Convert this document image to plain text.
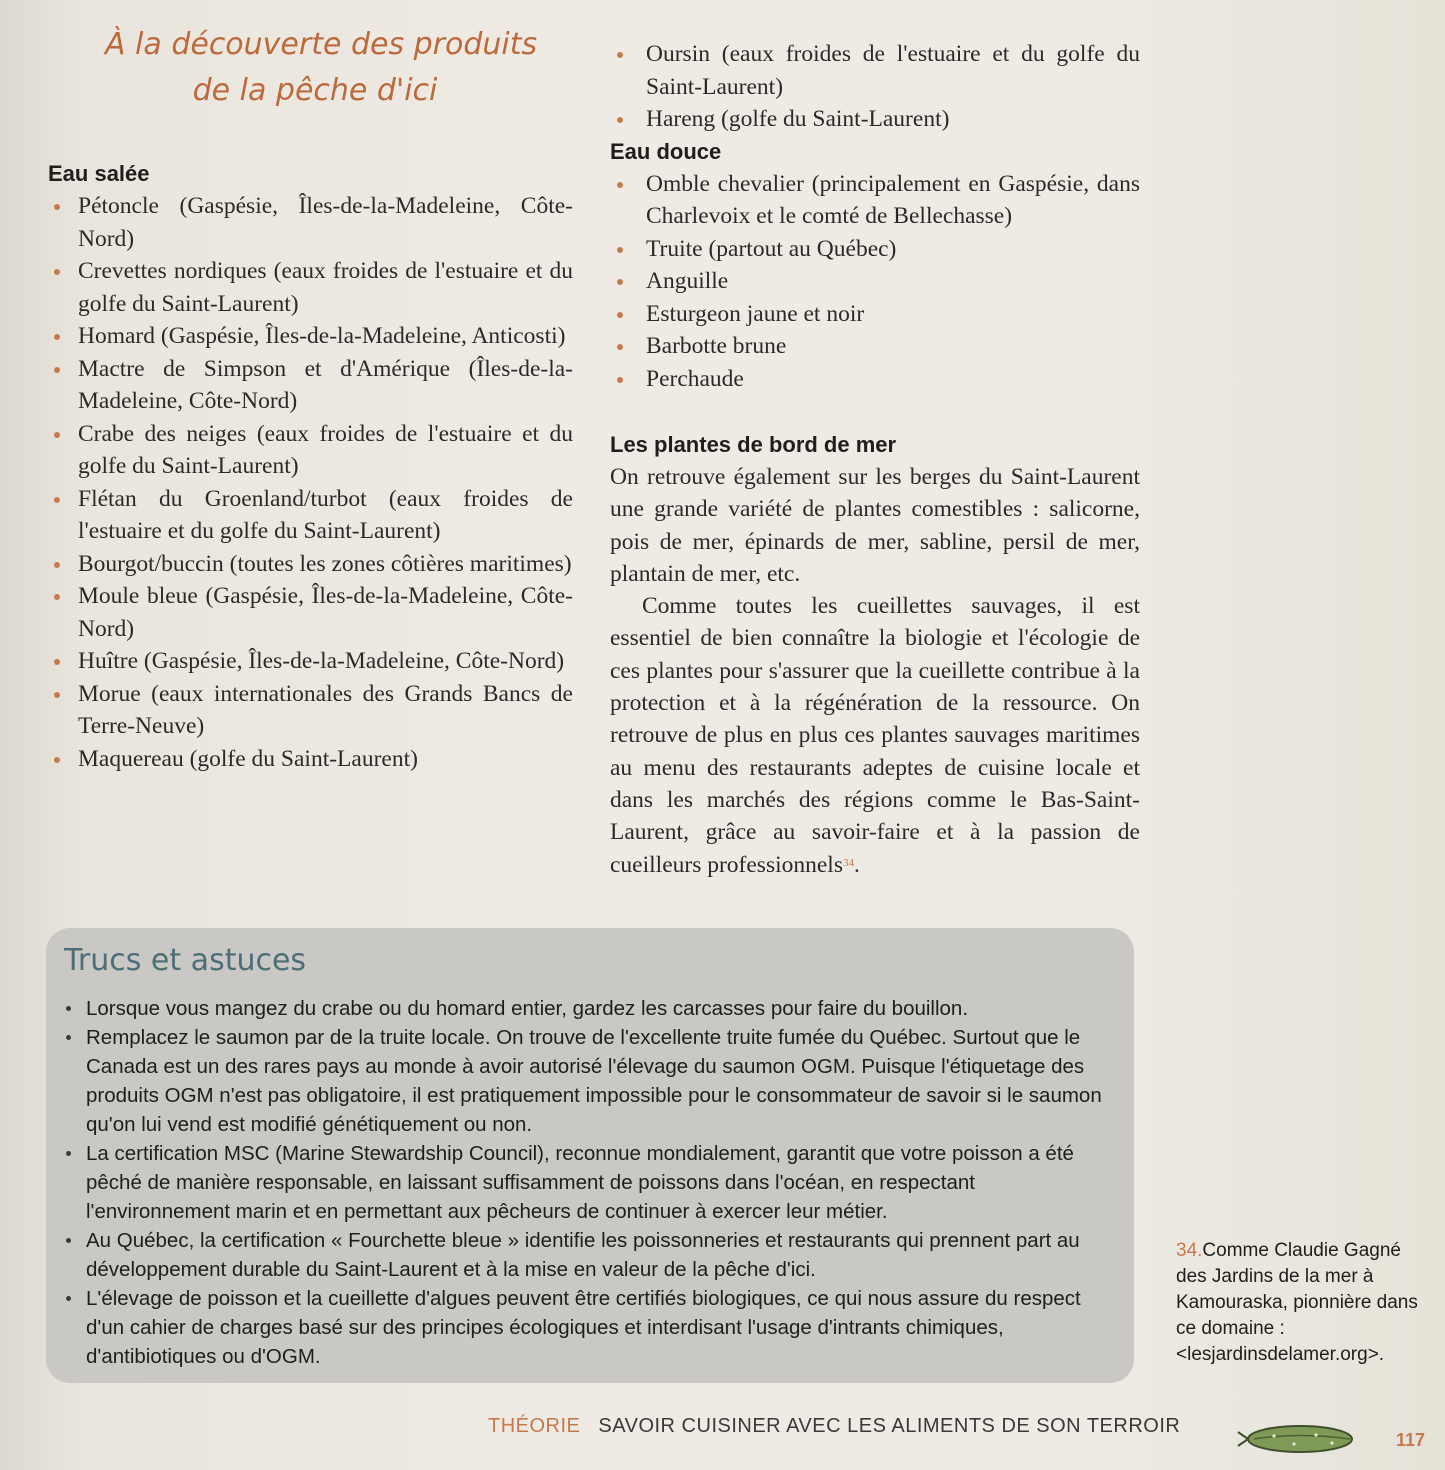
À la découverte des produits
de la pêche d'ici
Eau salée
Pétoncle (Gaspésie, Îles-de-la-Madeleine, Côte-Nord)
Crevettes nordiques (eaux froides de l'estuaire et du golfe du Saint-Laurent)
Homard (Gaspésie, Îles-de-la-Madeleine, Anticosti)
Mactre de Simpson et d'Amérique (Îles-de-la-Madeleine, Côte-Nord)
Crabe des neiges (eaux froides de l'estuaire et du golfe du Saint-Laurent)
Flétan du Groenland/turbot (eaux froides de l'estuaire et du golfe du Saint-Laurent)
Bourgot/buccin (toutes les zones côtières maritimes)
Moule bleue (Gaspésie, Îles-de-la-Madeleine, Côte-Nord)
Huître (Gaspésie, Îles-de-la-Madeleine, Côte-Nord)
Morue (eaux internationales des Grands Bancs de Terre-Neuve)
Maquereau (golfe du Saint-Laurent)
Oursin (eaux froides de l'estuaire et du golfe du Saint-Laurent)
Hareng (golfe du Saint-Laurent)
Eau douce
Omble chevalier (principalement en Gaspésie, dans Charlevoix et le comté de Bellechasse)
Truite (partout au Québec)
Anguille
Esturgeon jaune et noir
Barbotte brune
Perchaude
Les plantes de bord de mer

On retrouve également sur les berges du Saint-Laurent une grande variété de plantes comestibles : salicorne, pois de mer, épinards de mer, sabline, persil de mer, plantain de mer, etc.

Comme toutes les cueillettes sauvages, il est essentiel de bien connaître la biologie et l'écologie de ces plantes pour s'assurer que la cueillette contribue à la protection et à la régénération de la ressource. On retrouve de plus en plus ces plantes sauvages maritimes au menu des restaurants adeptes de cuisine locale et dans les marchés des régions comme le Bas-Saint-Laurent, grâce au savoir-faire et à la passion de cueilleurs professionnels$^{34}$.

Trucs et astuces
Lorsque vous mangez du crabe ou du homard entier, gardez les carcasses pour faire du bouillon.
Remplacez le saumon par de la truite locale. On trouve de l'excellente truite fumée du Québec. Surtout que le Canada est un des rares pays au monde à avoir autorisé l'élevage du saumon OGM. Puisque l'étiquetage des produits OGM n'est pas obligatoire, il est pratiquement impossible pour le consommateur de savoir si le saumon qu'on lui vend est modifié génétiquement ou non.
La certification MSC (Marine Stewardship Council), reconnue mondialement, garantit que votre poisson a été pêché de manière responsable, en laissant suffisamment de poissons dans l'océan, en respectant l'environnement marin et en permettant aux pêcheurs de continuer à exercer leur métier.
Au Québec, la certification « Fourchette bleue » identifie les poissonneries et restaurants qui prennent part au développement durable du Saint-Laurent et à la mise en valeur de la pêche d'ici.
L'élevage de poisson et la cueillette d'algues peuvent être certifiés biologiques, ce qui nous assure du respect d'un cahier de charges basé sur des principes écologiques et interdisant l'usage d'intrants chimiques, d'antibiotiques ou d'OGM.
34.Comme Claudie Gagné des Jardins de la mer à Kamouraska, pionnière dans ce domaine : <lesjardinsdelamer.org>.
THÉORIE SAVOIR CUISINER AVEC LES ALIMENTS DE SON TERROIR
117
